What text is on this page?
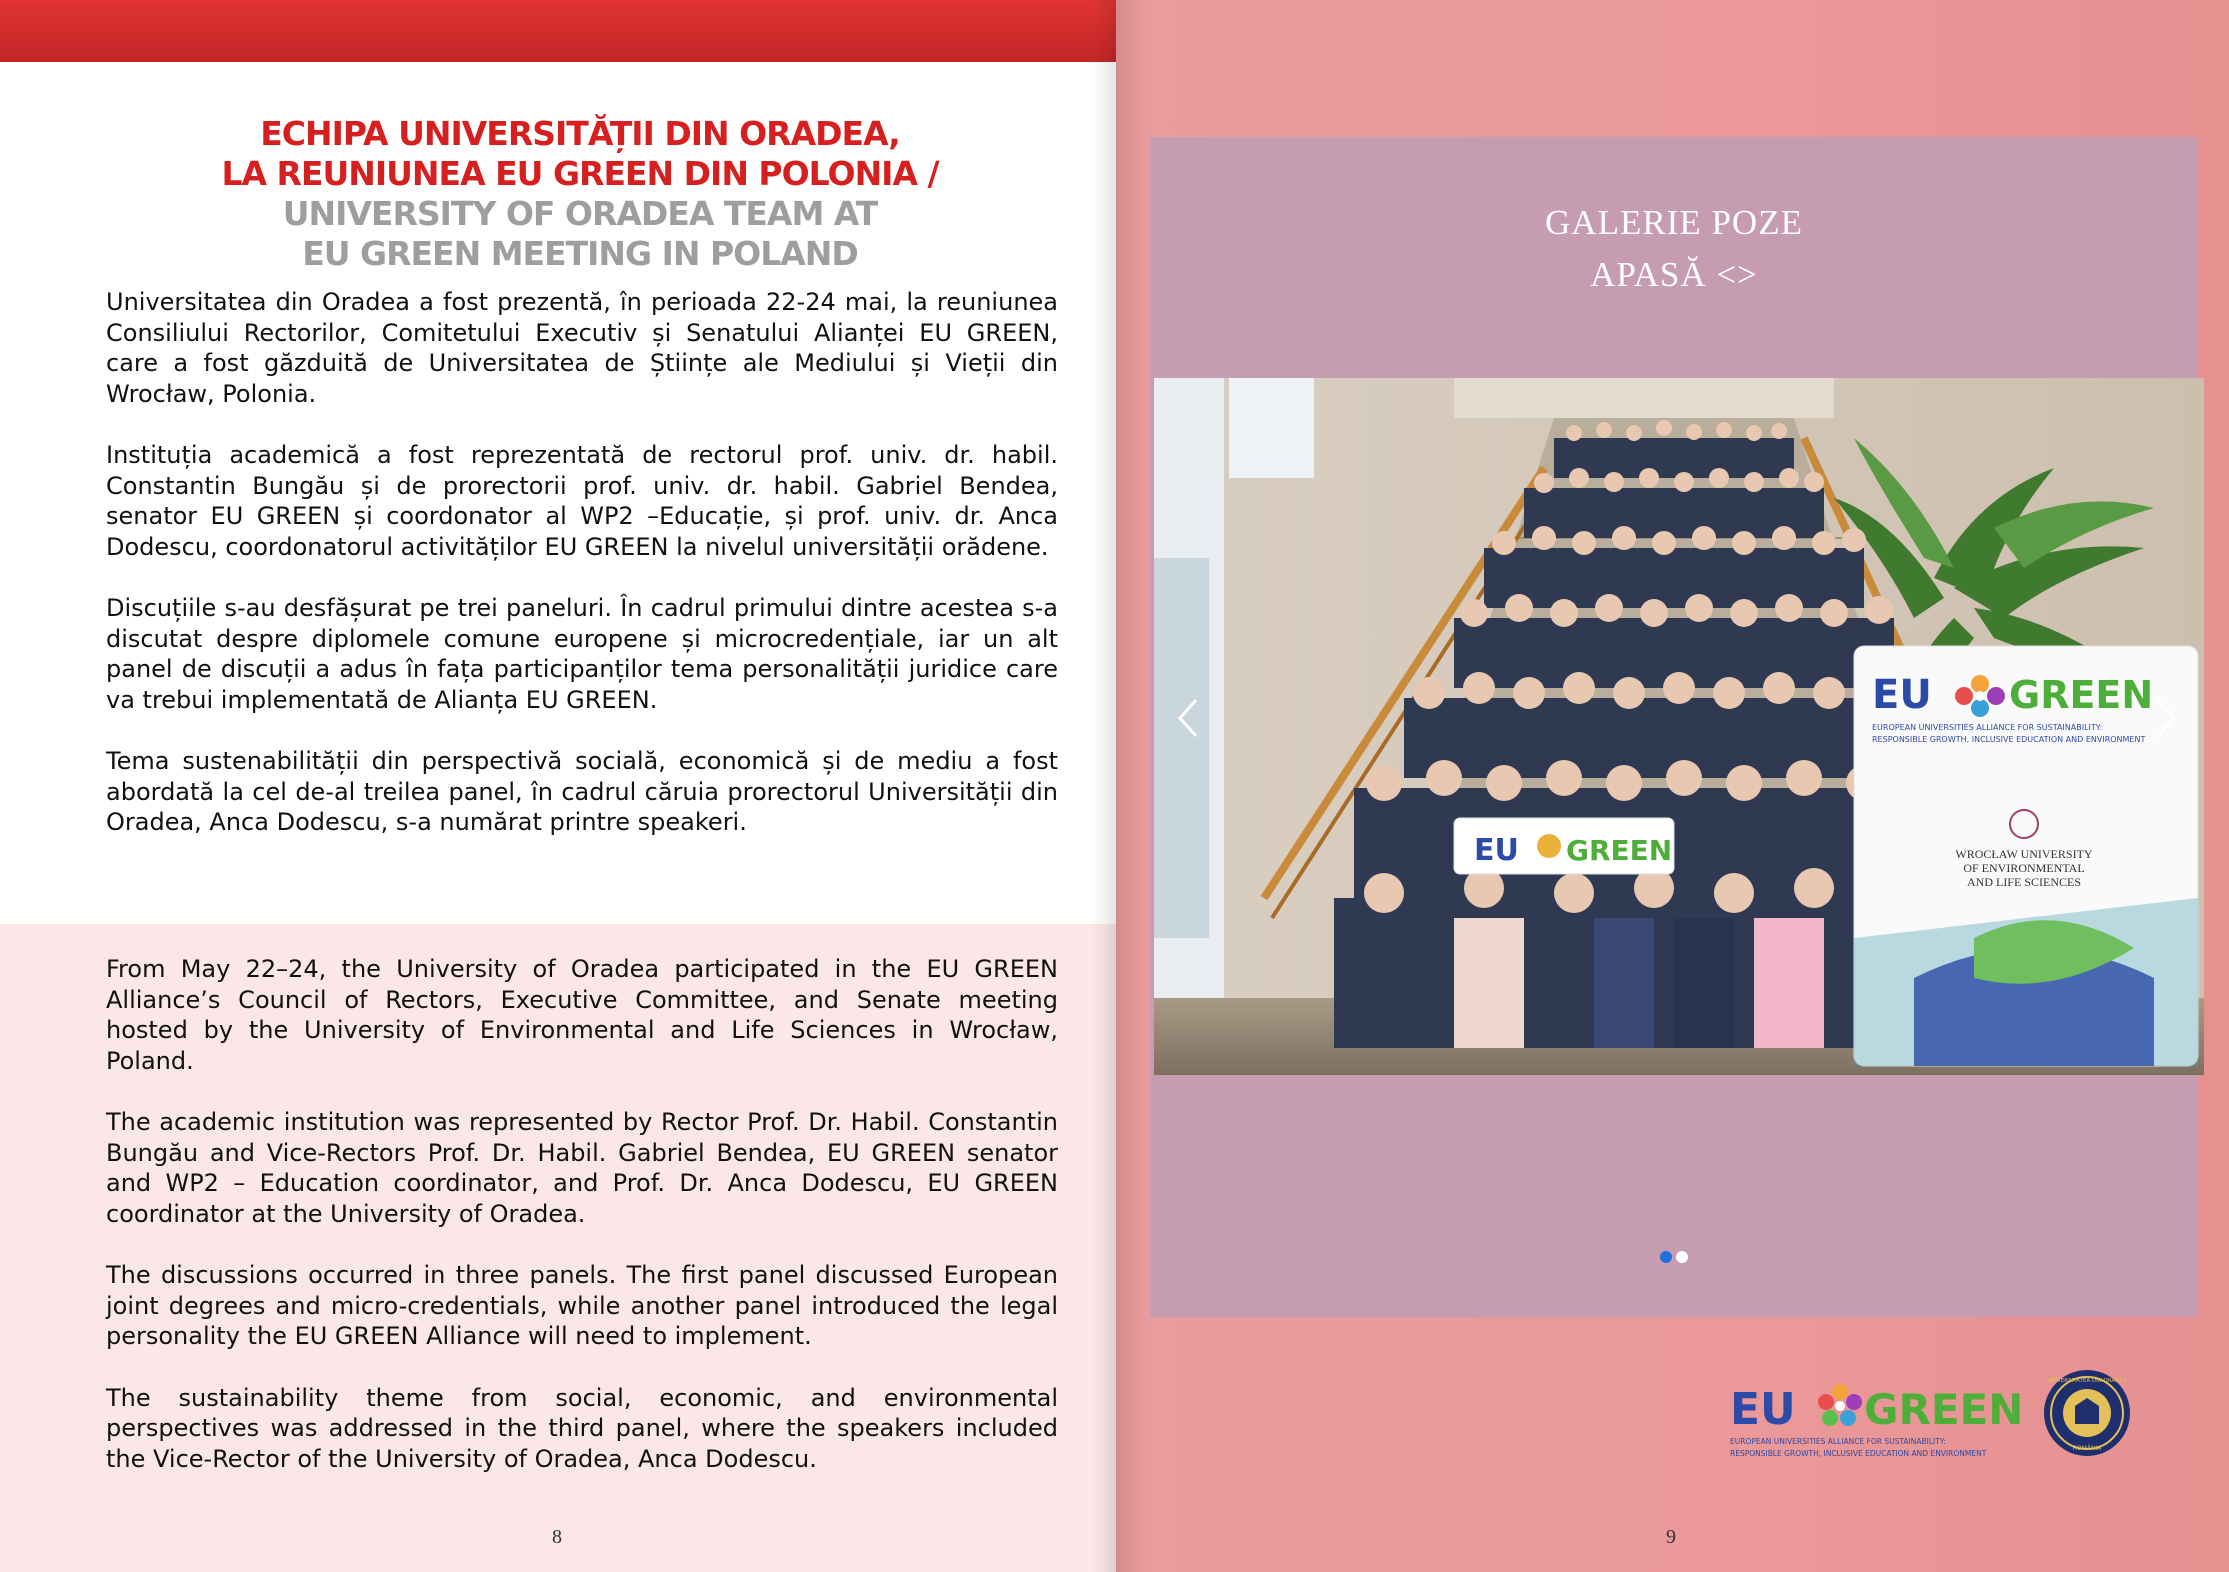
ECHIPA UNIVERSITĂȚII DIN ORADEA,
LA REUNIUNEA EU GREEN DIN POLONIA /
UNIVERSITY OF ORADEA TEAM AT
EU GREEN MEETING IN POLAND

Universitatea din Oradea a fost prezentă, în perioada 22-24 mai, la reuniunea Consiliului Rectorilor, Comitetului Executiv și Senatului Alianței EU GREEN, care a fost găzduită de Universitatea de Științe ale Mediului și Vieții din Wrocław, Polonia.

Instituția academică a fost reprezentată de rectorul prof. univ. dr. habil. Constantin Bungău și de prorectorii prof. univ. dr. habil. Gabriel Bendea, senator EU GREEN și coordonator al WP2 –Educație, și prof. univ. dr. Anca Dodescu, coordonatorul activităților EU GREEN la nivelul universității orădene.

Discuțiile s-au desfășurat pe trei paneluri. În cadrul primului dintre acestea s-a discutat despre diplomele comune europene și microcredențiale, iar un alt panel de discuții a adus în fața participanților tema personalității juridice care va trebui implementată de Alianța EU GREEN.

Tema sustenabilității din perspectivă socială, economică și de mediu a fost abordată la cel de-al treilea panel, în cadrul căruia prorectorul Universității din Oradea, Anca Dodescu, s-a numărat printre speakeri.

From May 22–24, the University of Oradea participated in the EU GREEN Alliance’s Council of Rectors, Executive Committee, and Senate meeting hosted by the University of Environmental and Life Sciences in Wrocław, Poland.

The academic institution was represented by Rector Prof. Dr. Habil. Constantin Bungău and Vice-Rectors Prof. Dr. Habil. Gabriel Bendea, EU GREEN senator and WP2 – Education coordinator, and Prof. Dr. Anca Dodescu, EU GREEN coordinator at the University of Oradea.

The discussions occurred in three panels. The first panel discussed European joint degrees and micro-credentials, while another panel introduced the legal personality the EU GREEN Alliance will need to implement.

The sustainability theme from social, economic, and environmental perspectives was addressed in the third panel, where the speakers included the Vice-Rector of the University of Oradea, Anca Dodescu.

8
GALERIE POZE
APASĂ <>
EU GREEN
EU GREEN
EUROPEAN UNIVERSITIES ALLIANCE FOR SUSTAINABILITY:
RESPONSIBLE GROWTH, INCLUSIVE EDUCATION AND ENVIRONMENT
WROCŁAW UNIVERSITY
OF ENVIRONMENTAL
AND LIFE SCIENCES

EU GREEN
EUROPEAN UNIVERSITIES ALLIANCE FOR SUSTAINABILITY:
RESPONSIBLE GROWTH, INCLUSIVE EDUCATION AND ENVIRONMENT
UNIVERSITATEA DIN ORADEA
ROMÂNIA
9
